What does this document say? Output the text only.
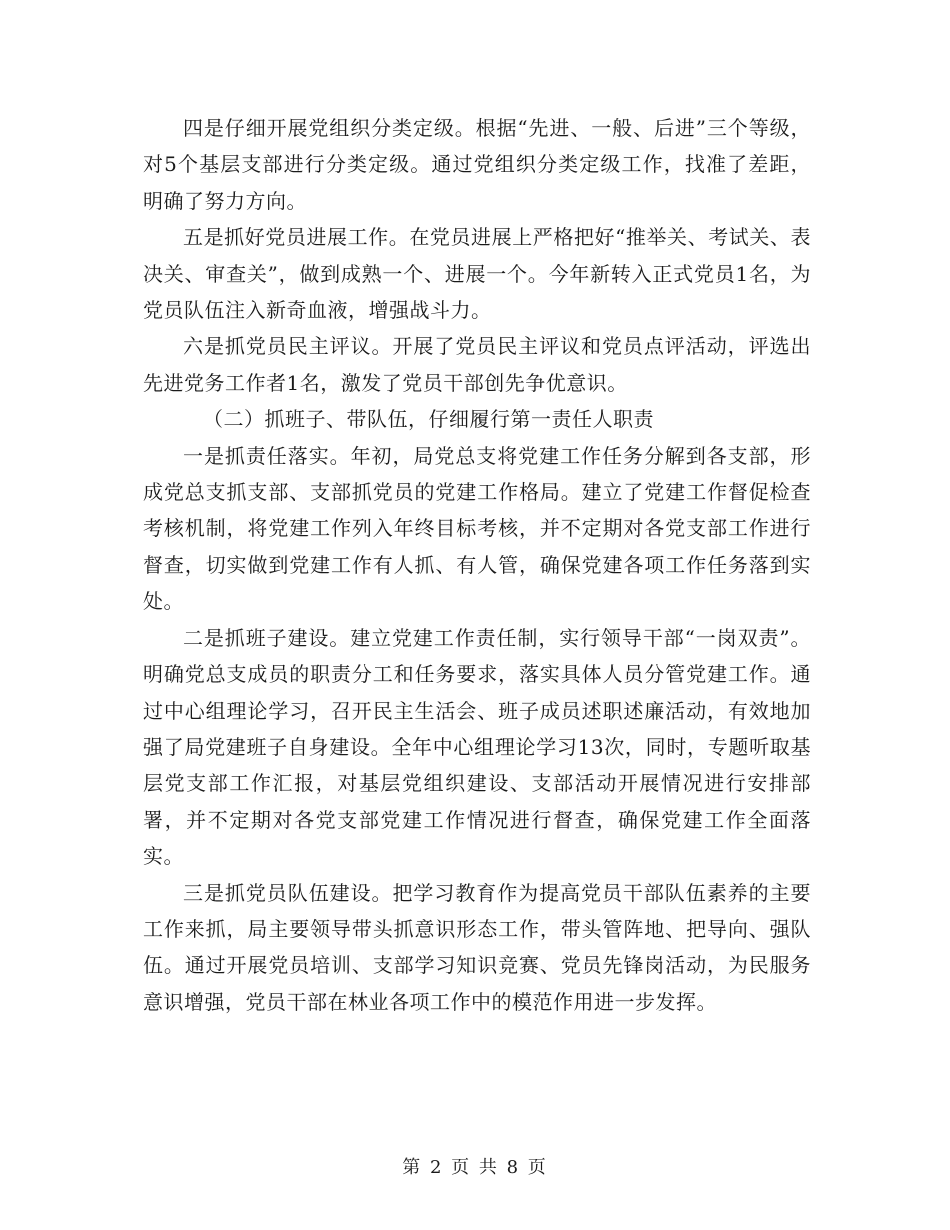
四是仔细开展党组织分类定级。根据“先进、一般、后进”三个等级，对5个基层支部进行分类定级。通过党组织分类定级工作，找准了差距，明确了努力方向。

五是抓好党员进展工作。在党员进展上严格把好“推举关、考试关、表决关、审查关”，做到成熟一个、进展一个。今年新转入正式党员1名，为党员队伍注入新奇血液，增强战斗力。

六是抓党员民主评议。开展了党员民主评议和党员点评活动，评选出先进党务工作者1名，激发了党员干部创先争优意识。

（二）抓班子、带队伍，仔细履行第一责任人职责

一是抓责任落实。年初，局党总支将党建工作任务分解到各支部，形成党总支抓支部、支部抓党员的党建工作格局。建立了党建工作督促检查考核机制，将党建工作列入年终目标考核，并不定期对各党支部工作进行督查，切实做到党建工作有人抓、有人管，确保党建各项工作任务落到实处。

二是抓班子建设。建立党建工作责任制，实行领导干部“一岗双责”。明确党总支成员的职责分工和任务要求，落实具体人员分管党建工作。通过中心组理论学习，召开民主生活会、班子成员述职述廉活动，有效地加强了局党建班子自身建设。全年中心组理论学习13次，同时，专题听取基层党支部工作汇报，对基层党组织建设、支部活动开展情况进行安排部署，并不定期对各党支部党建工作情况进行督查，确保党建工作全面落实。

三是抓党员队伍建设。把学习教育作为提高党员干部队伍素养的主要工作来抓，局主要领导带头抓意识形态工作，带头管阵地、把导向、强队伍。通过开展党员培训、支部学习知识竞赛、党员先锋岗活动，为民服务意识增强，党员干部在林业各项工作中的模范作用进一步发挥。

第 2 页 共 8 页
